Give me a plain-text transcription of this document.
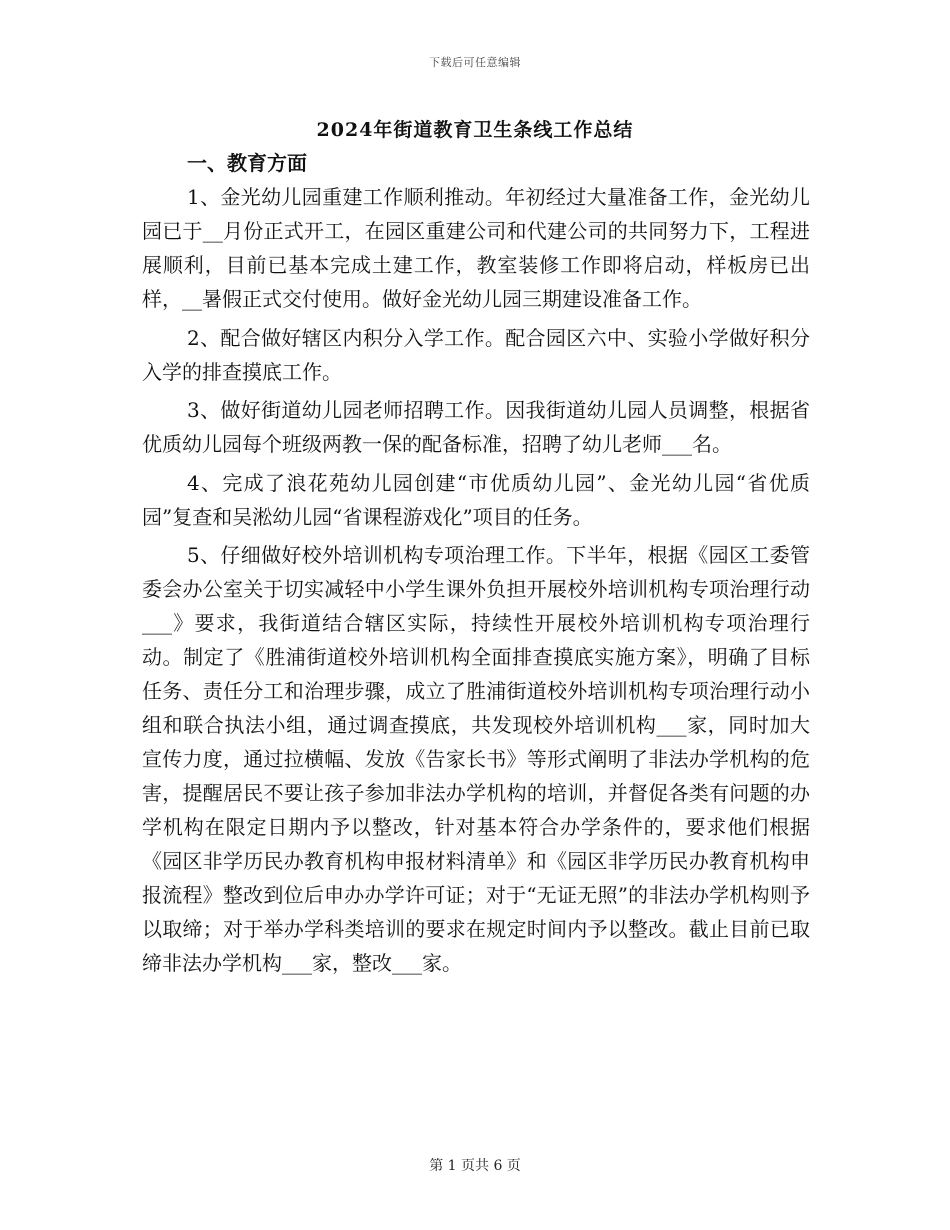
下载后可任意编辑
2024年街道教育卫生条线工作总结
一、教育方面

1、金光幼儿园重建工作顺利推动。年初经过大量准备工作，金光幼儿园已于__月份正式开工，在园区重建公司和代建公司的共同努力下，工程进展顺利，目前已基本完成土建工作，教室装修工作即将启动，样板房已出样，__暑假正式交付使用。做好金光幼儿园三期建设准备工作。

2、配合做好辖区内积分入学工作。配合园区六中、实验小学做好积分入学的排查摸底工作。

3、做好街道幼儿园老师招聘工作。因我街道幼儿园人员调整，根据省优质幼儿园每个班级两教一保的配备标准，招聘了幼儿老师___名。

4、完成了浪花苑幼儿园创建“市优质幼儿园”、金光幼儿园“省优质园”复查和吴淞幼儿园“省课程游戏化”项目的任务。

5、仔细做好校外培训机构专项治理工作。下半年，根据《园区工委管委会办公室关于切实减轻中小学生课外负担开展校外培训机构专项治理行动___》要求，我街道结合辖区实际，持续性开展校外培训机构专项治理行动。制定了《胜浦街道校外培训机构全面排查摸底实施方案》，明确了目标任务、责任分工和治理步骤，成立了胜浦街道校外培训机构专项治理行动小组和联合执法小组，通过调查摸底，共发现校外培训机构___家，同时加大宣传力度，通过拉横幅、发放《告家长书》等形式阐明了非法办学机构的危害，提醒居民不要让孩子参加非法办学机构的培训，并督促各类有问题的办学机构在限定日期内予以整改，针对基本符合办学条件的，要求他们根据《园区非学历民办教育机构申报材料清单》和《园区非学历民办教育机构申报流程》整改到位后申办办学许可证；对于“无证无照”的非法办学机构则予以取缔；对于举办学科类培训的要求在规定时间内予以整改。截止目前已取缔非法办学机构___家，整改___家。

第 1 页共 6 页
